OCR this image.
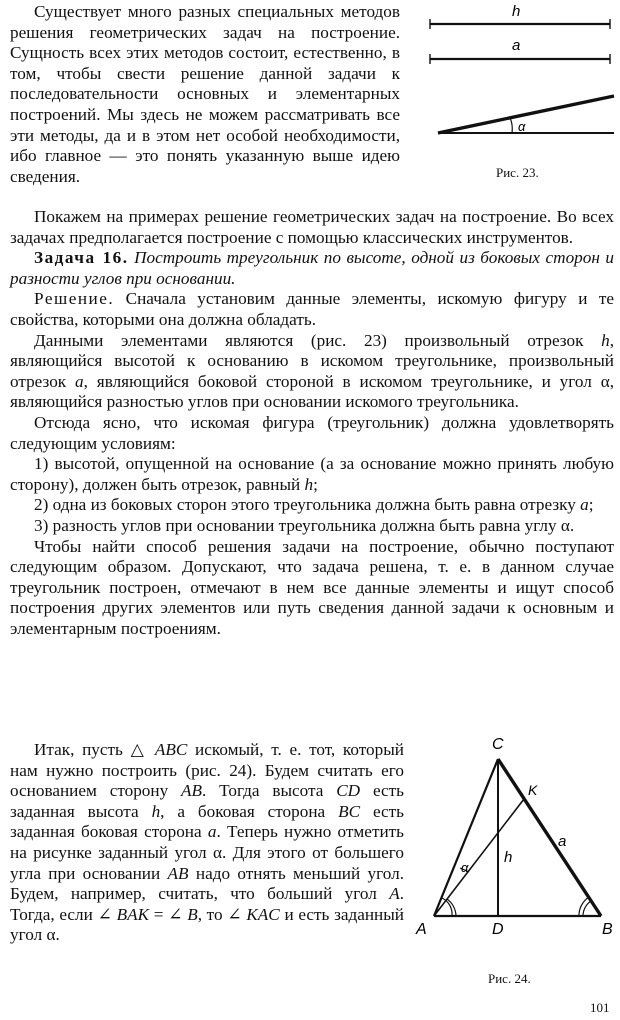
Существует много разных специальных методов решения геометрических задач на построение. Сущность всех этих методов состоит, естественно, в том, чтобы свести решение данной задачи к последовательности основных и элементарных построений. Мы здесь не можем рассматривать все эти методы, да и в этом нет особой необходимости, ибо главное — это понять указанную выше идею сведения.

h
a
α
Рис. 23.

Покажем на примерах решение геометрических задач на построение. Во всех задачах предполагается построение с помощью классических инструментов.

Задача 16. Построить треугольник по высоте, одной из боковых сторон и разности углов при основании.

Решение. Сначала установим данные элементы, искомую фигуру и те свойства, которыми она должна обладать.

Данными элементами являются (рис. 23) произвольный отрезок h, являющийся высотой к основанию в искомом треугольнике, произвольный отрезок a, являющийся боковой стороной в искомом треугольнике, и угол α, являющийся разностью углов при основании искомого треугольника.

Отсюда ясно, что искомая фигура (треугольник) должна удовлетворять следующим условиям:

1) высотой, опущенной на основание (а за основание можно принять любую сторону), должен быть отрезок, равный h;

2) одна из боковых сторон этого треугольника должна быть равна отрезку a;

3) разность углов при основании треугольника должна быть равна углу α.

Чтобы найти способ решения задачи на построение, обычно поступают следующим образом. Допускают, что задача решена, т. е. в данном случае треугольник построен, отмечают в нем все данные элементы и ищут способ построения других элементов или путь сведения данной задачи к основным и элементарным построениям.

Итак, пусть △ ABC искомый, т. е. тот, который нам нужно построить (рис. 24). Будем считать его основанием сторону AB. Тогда высота CD есть заданная высота h, а боковая сторона BC есть заданная боковая сторона a. Теперь нужно отметить на рисунке заданный угол α. Для этого от большего угла при основании AB надо отнять меньший угол. Будем, например, считать, что больший угол A. Тогда, если ∠ BAK = ∠ B, то ∠ KAC и есть заданный угол α.

C
K
a
h
α
A	D	B
Рис. 24.
101
